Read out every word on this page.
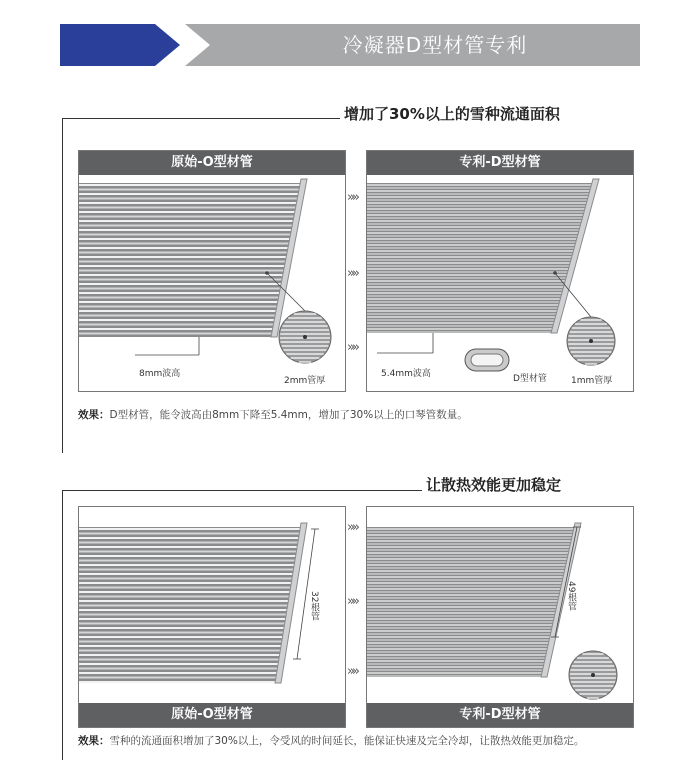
冷凝器D型材管专利
增加了30%以上的雪种流通面积
原始-O型材管
8mm波高
2mm管厚
»»
»»
»»
专利-D型材管
5.4mm波高	D型材管	1mm管厚
效果：D型材管，能令波高由8mm下降至5.4mm，增加了30%以上的口琴管数量。
让散热效能更加稳定
32根管
原始-O型材管
»»
»»
»»
49根管
专利-D型材管
效果：雪种的流通面积增加了30%以上，令受风的时间延长，能保证快速及完全冷却，让散热效能更加稳定。
